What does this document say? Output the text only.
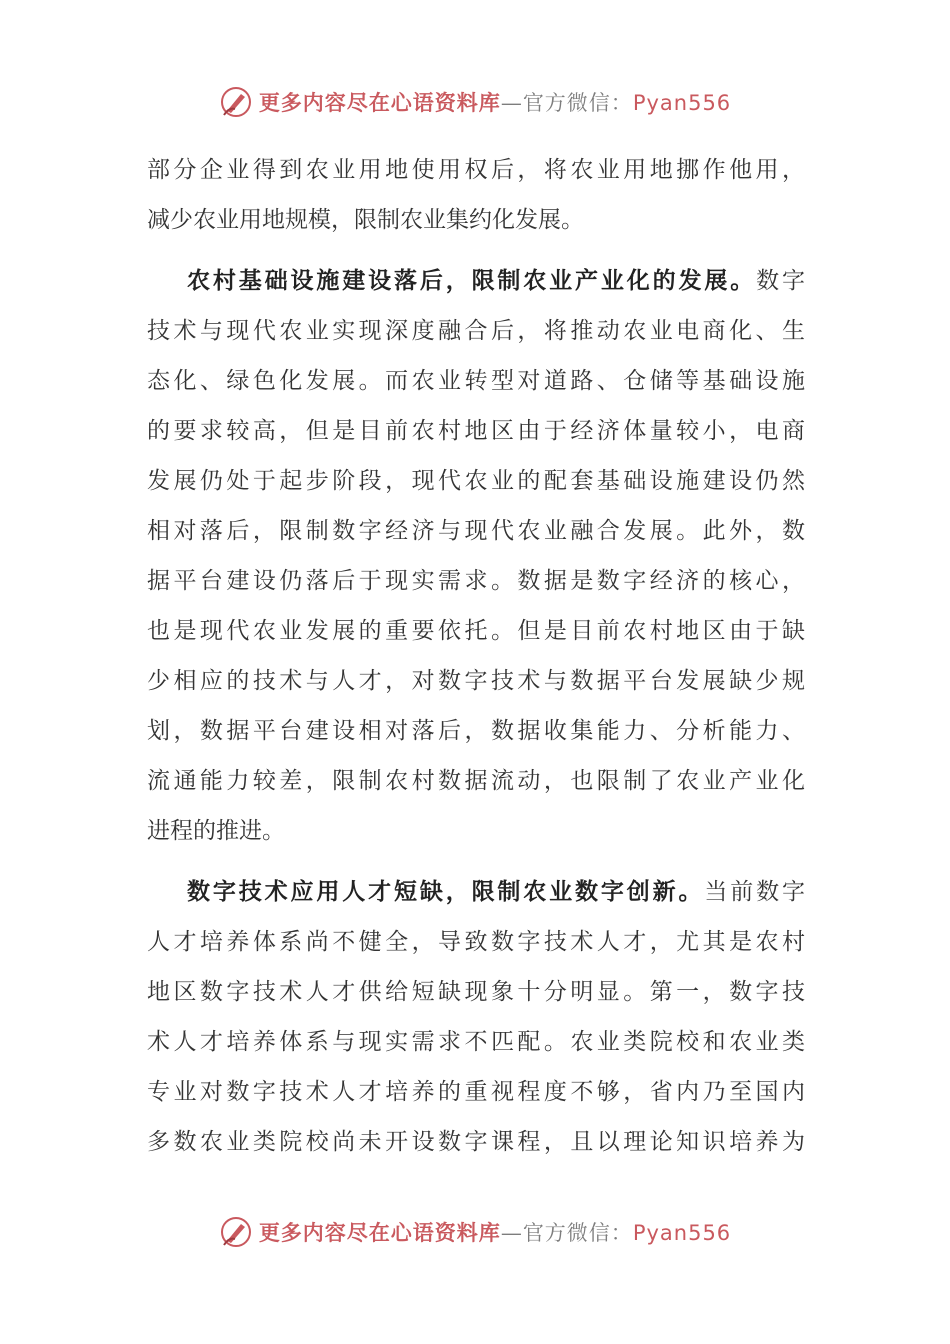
更多内容尽在心语资料库—官方微信：Pyan556
部分企业得到农业用地使用权后，将农业用地挪作他用，
减少农业用地规模，限制农业集约化发展。
农村基础设施建设落后，限制农业产业化的发展。数字
技术与现代农业实现深度融合后，将推动农业电商化、生
态化、绿色化发展。而农业转型对道路、仓储等基础设施
的要求较高，但是目前农村地区由于经济体量较小，电商
发展仍处于起步阶段，现代农业的配套基础设施建设仍然
相对落后，限制数字经济与现代农业融合发展。此外，数
据平台建设仍落后于现实需求。数据是数字经济的核心，
也是现代农业发展的重要依托。但是目前农村地区由于缺
少相应的技术与人才，对数字技术与数据平台发展缺少规
划，数据平台建设相对落后，数据收集能力、分析能力、
流通能力较差，限制农村数据流动，也限制了农业产业化
进程的推进。
数字技术应用人才短缺，限制农业数字创新。当前数字
人才培养体系尚不健全，导致数字技术人才，尤其是农村
地区数字技术人才供给短缺现象十分明显。第一，数字技
术人才培养体系与现实需求不匹配。农业类院校和农业类
专业对数字技术人才培养的重视程度不够，省内乃至国内
多数农业类院校尚未开设数字课程，且以理论知识培养为
更多内容尽在心语资料库—官方微信：Pyan556
